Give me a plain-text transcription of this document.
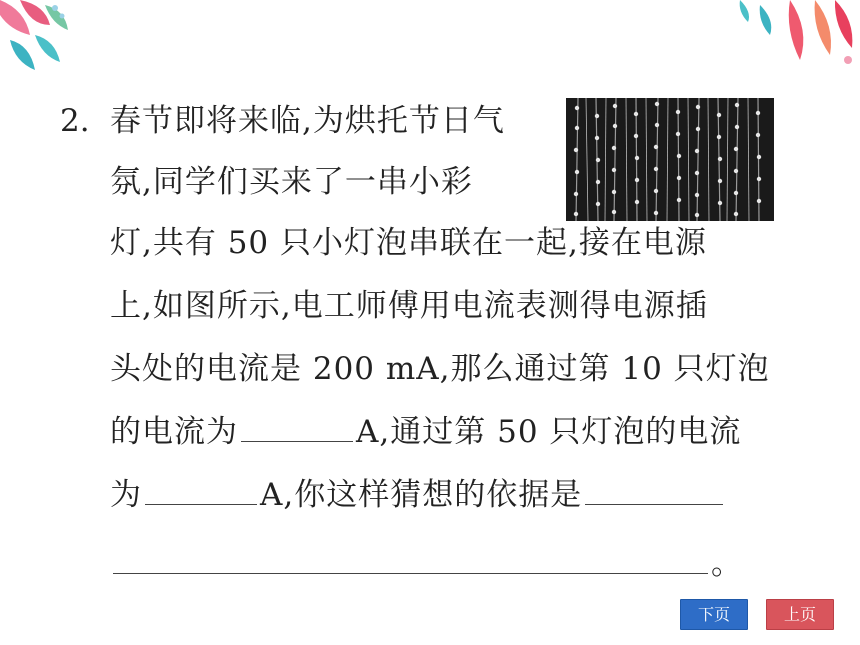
2. 春节即将来临,为烘托节日气
氛,同学们买来了一串小彩
灯,共有 50 只小灯泡串联在一起,接在电源
上,如图所示,电工师傅用电流表测得电源插
头处的电流是 200 mA,那么通过第 10 只灯泡
的电流为	A,通过第 50 只灯泡的电流
为	A,你这样猜想的依据是
。
下页	上页
